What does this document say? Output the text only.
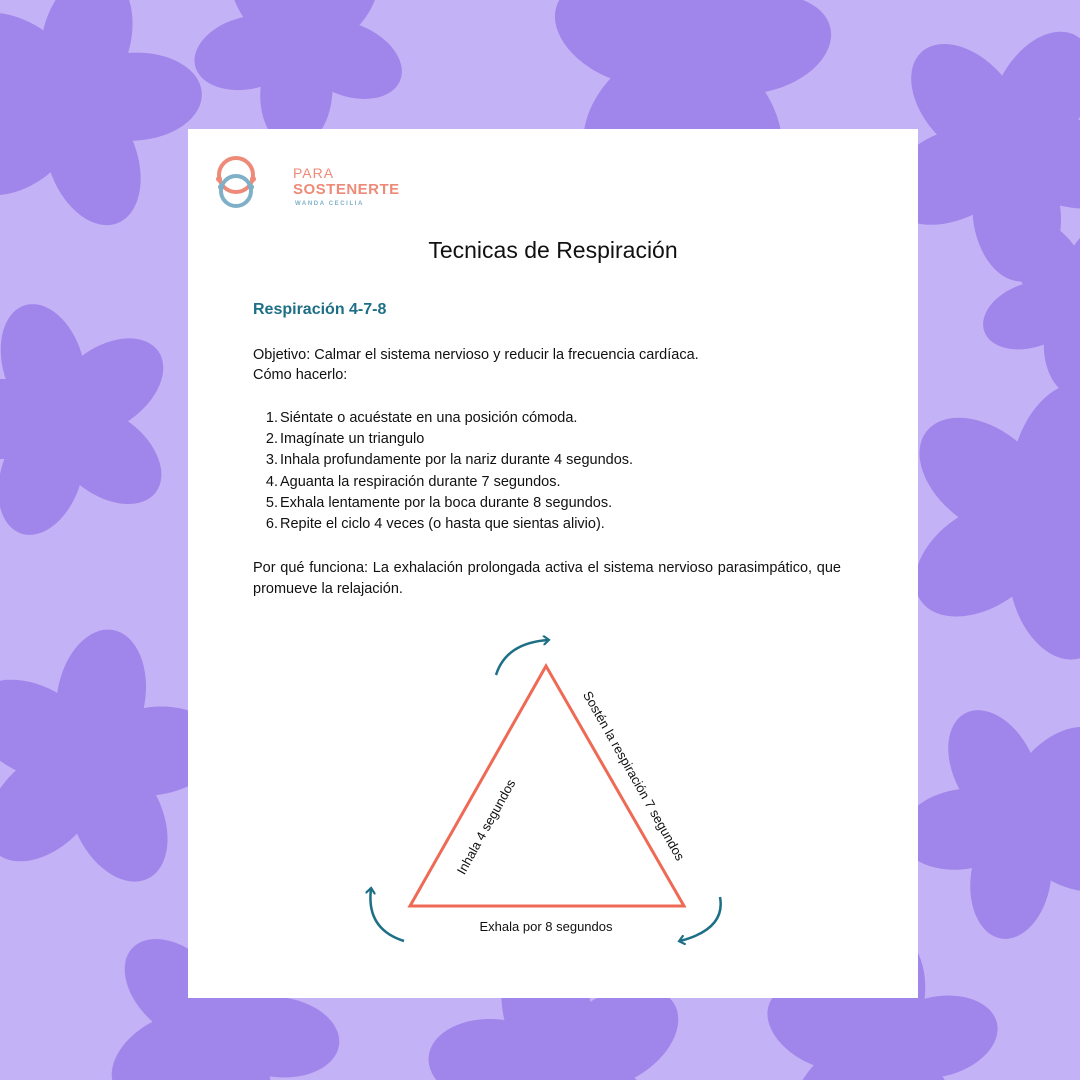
PARA
SOSTENERTE
WANDA CECILIA
Tecnicas de Respiración
Respiración 4-7-8
Objetivo: Calmar el sistema nervioso y reducir la frecuencia cardíaca.
Cómo hacerlo:
1. Siéntate o acuéstate en una posición cómoda.
2. Imagínate un triangulo
3. Inhala profundamente por la nariz durante 4 segundos.
4. Aguanta la respiración durante 7 segundos.
5. Exhala lentamente por la boca durante 8 segundos.
6. Repite el ciclo 4 veces (o hasta que sientas alivio).
Por qué funciona: La exhalación prolongada activa el sistema nervioso parasimpático, que promueve la relajación.
Inhala 4 segundos	Sostén la respiración 7 segundos
Exhala por 8 segundos
